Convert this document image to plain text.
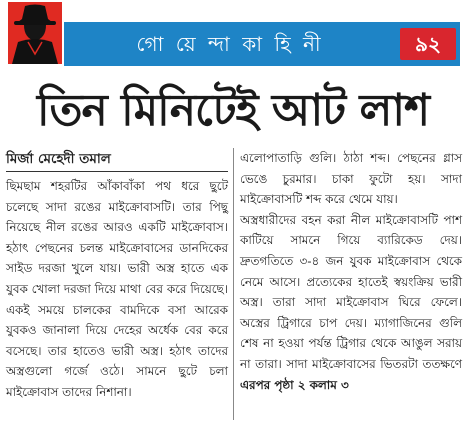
গো য়ে ন্দা কা হি নী	৯২
তিন মিনিটেই আট লাশ
মির্জা মেহেদী তমাল

ছিমছাম শহরটির আঁকাবাঁকা পথ ধরে ছুটে চলেছে সাদা রঙের মাইক্রোবাসটি। তার পিছু নিয়েছে নীল রঙের আরও একটি মাইক্রোবাস। হঠাৎ পেছনের চলন্ত মাইক্রোবাসের ডানদিকের সাইড দরজা খুলে যায়। ভারী অস্ত্র হাতে এক যুবক খোলা দরজা দিয়ে মাথা বের করে দিয়েছে। একই সময়ে চালকের বামদিকে বসা আরেক যুবকও জানালা দিয়ে দেহের অর্ধেক বের করে বসেছে। তার হাতেও ভারী অস্ত্র। হঠাৎ তাদের অস্ত্রগুলো গর্জে ওঠে। সামনে ছুটে চলা মাইক্রোবাস তাদের নিশানা।

এলোপাতাড়ি গুলি। ঠাঠা শব্দ। পেছনের গ্লাস ভেঙে চুরমার। চাকা ফুটো হয়। সাদা মাইক্রোবাসটি শব্দ করে থেমে যায়।

অস্ত্রধারীদের বহন করা নীল মাইক্রোবাসটি পাশ কাটিয়ে সামনে গিয়ে ব্যারিকেড দেয়। দ্রুতগতিতে ৩-৪ জন যুবক মাইক্রোবাস থেকে নেমে আসে। প্রত্যেকের হাতেই স্বয়ংক্রিয় ভারী অস্ত্র। তারা সাদা মাইক্রোবাস ঘিরে ফেলে। অস্ত্রের ট্রিগারে চাপ দেয়। ম্যাগাজিনের গুলি শেষ না হওয়া পর্যন্ত ট্রিগার থেকে আঙুল সরায় না তারা। সাদা মাইক্রোবাসের ভিতরটা ততক্ষণে এরপর পৃষ্ঠা ২ কলাম ৩
